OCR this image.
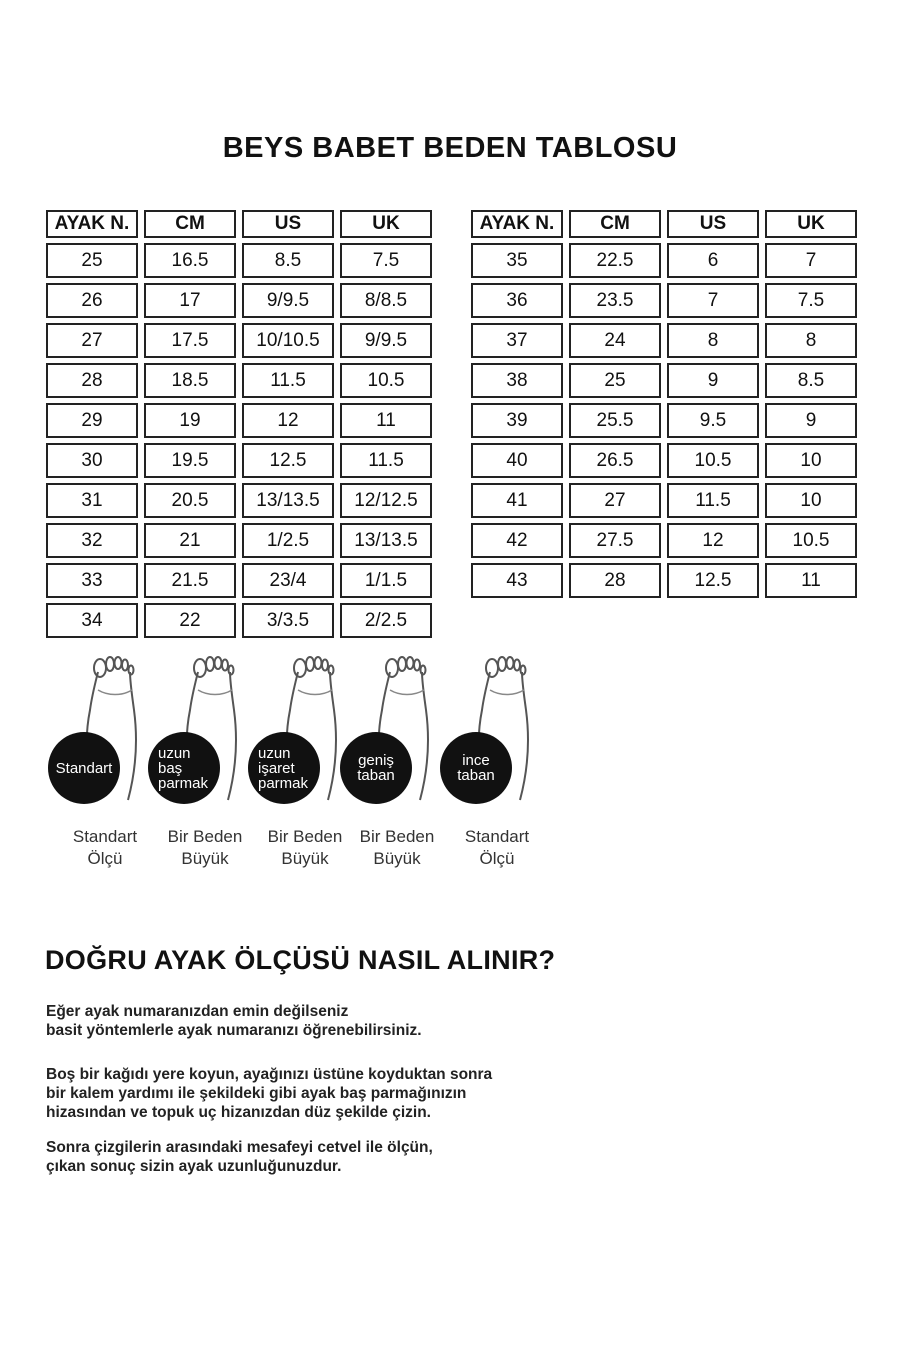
BEYS BABET BEDEN TABLOSU
AYAK N.	CM	US	UK
25	16.5	8.5	7.5
26	17	9/9.5	8/8.5
27	17.5	10/10.5	9/9.5
28	18.5	11.5	10.5
29	19	12	11
30	19.5	12.5	11.5
31	20.5	13/13.5	12/12.5
32	21	1/2.5	13/13.5
33	21.5	23/4	1/1.5
34	22	3/3.5	2/2.5
AYAK N.	CM	US	UK
35	22.5	6	7
36	23.5	7	7.5
37	24	8	8
38	25	9	8.5
39	25.5	9.5	9
40	26.5	10.5	10
41	27	11.5	10
42	27.5	12	10.5
43	28	12.5	11
Standart
Standart
Ölçü
uzun
baş
parmak
Bir Beden
Büyük
uzun
işaret
parmak
Bir Beden
Büyük
geniş
taban
Bir Beden
Büyük
ince
taban
Standart
Ölçü
DOĞRU AYAK ÖLÇÜSÜ NASIL ALINIR?
Eğer ayak numaranızdan emin değilseniz
basit yöntemlerle ayak numaranızı öğrenebilirsiniz.
Boş bir kağıdı yere koyun, ayağınızı üstüne koyduktan sonra
bir kalem yardımı ile şekildeki gibi ayak baş parmağınızın
hizasından ve topuk uç hizanızdan düz şekilde çizin.
Sonra çizgilerin arasındaki mesafeyi cetvel ile ölçün,
çıkan sonuç sizin ayak uzunluğunuzdur.
